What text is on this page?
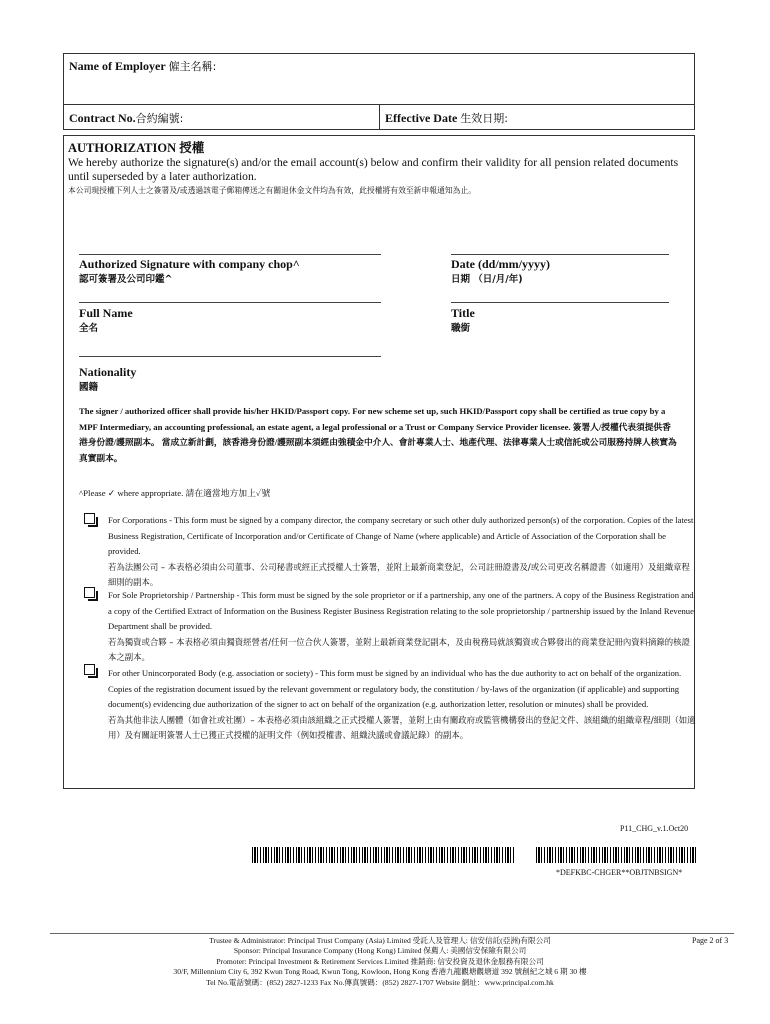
Name of Employer 僱主名稱:
Contract No.合約編號:	Effective Date 生效日期:
AUTHORIZATION 授權
We hereby authorize the signature(s) and/or the email account(s) below and confirm their validity for all pension related documents until superseded by a later authorization.
本公司現授權下列人士之簽署及/或透過該電子郵箱傳送之有關退休金文件均為有效，此授權將有效至新申報通知為止。
Authorized Signature with company chop^
認可簽署及公司印鑑^
Date (dd/mm/yyyy)
日期 （日/月/年)
Full Name
全名
Title
職銜
Nationality
國籍
The signer / authorized officer shall provide his/her HKID/Passport copy. For new scheme set up, such HKID/Passport copy shall be certified as true copy by a MPF Intermediary, an accounting professional, an estate agent, a legal professional or a Trust or Company Service Provider licensee. 簽署人/授權代表須提供香港身份證/護照副本。 當成立新計劃，該香港身份證/護照副本須經由強積金中介人、會計專業人士、地產代理、法律專業人士或信託或公司服務持牌人核實為真實副本。
^Please ✓ where appropriate. 請在適當地方加上✓號
For Corporations - This form must be signed by a company director, the company secretary or such other duly authorized person(s) of the corporation. Copies of the latest Business Registration, Certificate of Incorporation and/or Certificate of Change of Name (where applicable) and Article of Association of the Corporation shall be provided.
若為法團公司 – 本表格必須由公司董事、公司秘書或經正式授權人士簽署，並附上最新商業登記，公司註冊證書及/或公司更改名稱證書（如適用）及組織章程細則的副本。
For Sole Proprietorship / Partnership - This form must be signed by the sole proprietor or if a partnership, any one of the partners. A copy of the Business Registration and a copy of the Certified Extract of Information on the Business Register Business Registration relating to the sole proprietorship / partnership issued by the Inland Revenue Department shall be provided.
若為獨資或合夥 – 本表格必須由獨資經營者/任何一位合伙人簽署，並附上最新商業登記副本，及由稅務局就該獨資或合夥發出的商業登記冊內資料摘錄的核證本之副本。
For other Unincorporated Body (e.g. association or society) - This form must be signed by an individual who has the due authority to act on behalf of the organization. Copies of the registration document issued by the relevant government or regulatory body, the constitution / by-laws of the organization (if applicable) and supporting document(s) evidencing due authorization of the signer to act on behalf of the organization (e.g. authorization letter, resolution or minutes) shall be provided.
若為其他非法人團體（如會社或社團）– 本表格必須由該組織之正式授權人簽署，並附上由有關政府或監管機構發出的登記文件、該組織的組織章程/細則（如適用）及有關証明簽署人士已獲正式授權的証明文件（例如授權書、組織決議或會議記錄）的副本。
P11_CHG_v.1.Oct20
*DEFKBC-CHGER**OBJTNBSIGN*
Trustee & Administrator: Principal Trust Company (Asia) Limited 受託人及管理人: 信安信託(亞洲)有限公司
Sponsor: Principal Insurance Company (Hong Kong) Limited 保薦人: 美國信安保險有限公司
Promoter: Principal Investment & Retirement Services Limited 推銷商: 信安投資及退休金服務有限公司
30/F, Millennium City 6, 392 Kwun Tong Road, Kwun Tong, Kowloon, Hong Kong 香港九龍觀塘觀塘道 392 號創紀之城 6 期 30 樓
Tel No.電話號碼：(852) 2827-1233 Fax No.傳真號碼：(852) 2827-1707 Website 網址：www.principal.com.hk
Page 2 of 3
